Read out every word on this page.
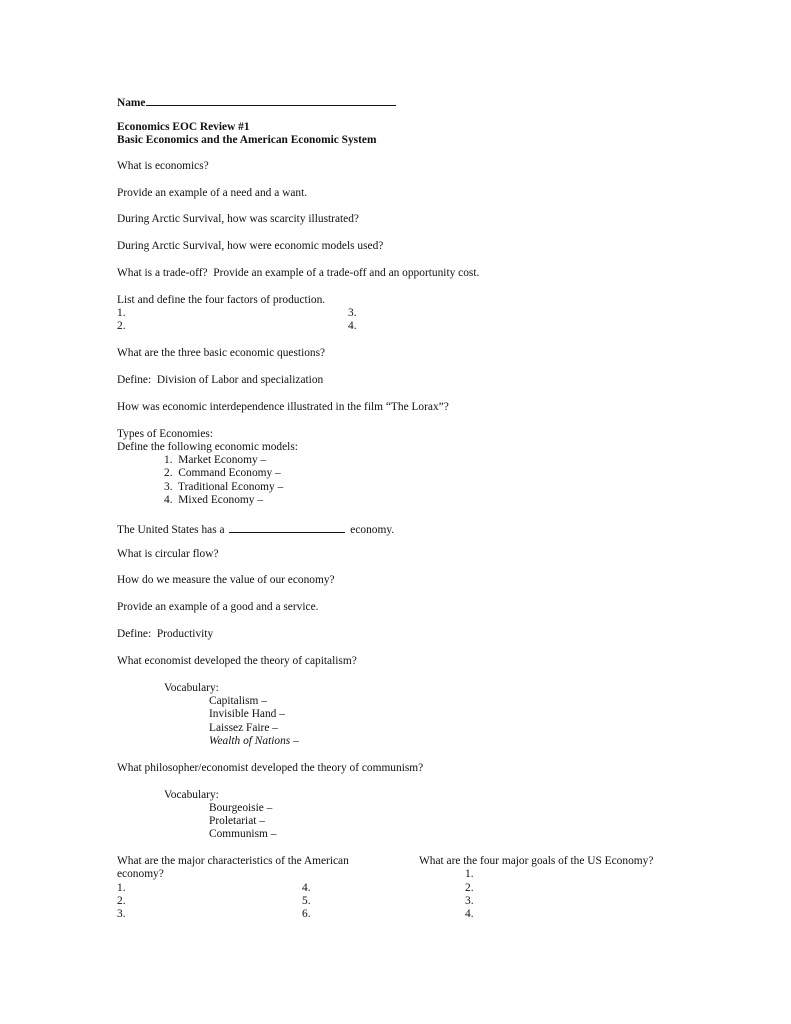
Name
Economics EOC Review #1
Basic Economics and the American Economic System
What is economics?
Provide an example of a need and a want.
During Arctic Survival, how was scarcity illustrated?
During Arctic Survival, how were economic models used?
What is a trade-off?  Provide an example of a trade-off and an opportunity cost.
List and define the four factors of production.
1.
2.
3.
4.
What are the three basic economic questions?
Define:  Division of Labor and specialization
How was economic interdependence illustrated in the film “The Lorax”?
Types of Economies:
Define the following economic models:
1.  Market Economy –
2.  Command Economy –
3.  Traditional Economy –
4.  Mixed Economy –
The United States has a	economy.
What is circular flow?
How do we measure the value of our economy?
Provide an example of a good and a service.
Define:  Productivity
What economist developed the theory of capitalism?
Vocabulary:
Capitalism –
Invisible Hand –
Laissez Faire –
Wealth of Nations –
What philosopher/economist developed the theory of communism?
Vocabulary:
Bourgeoisie –
Proletariat –
Communism –
What are the major characteristics of the American
economy?
1.
2.
3.
4.
5.
6.
What are the four major goals of the US Economy?
1.
2.
3.
4.
